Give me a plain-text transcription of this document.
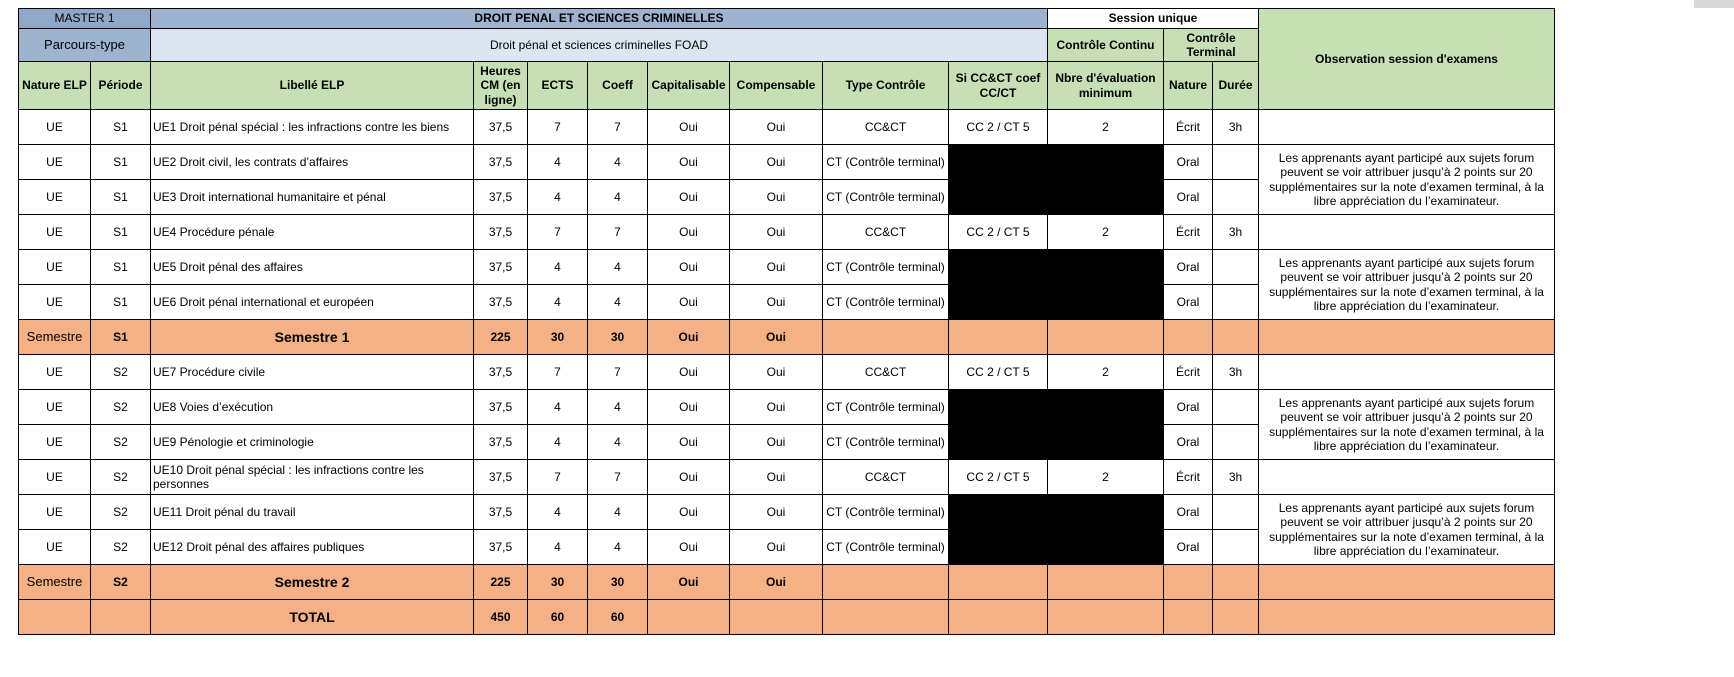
MASTER 1		DROIT PENAL ET SCIENCES CRIMINELLES								Session unique			Observation session d'examens
Parcours-type		Droit pénal et sciences criminelles FOAD								Contrôle Continu	Contrôle Terminal		
Nature ELP	Période	Libellé ELP	Heures CM (en ligne)	ECTS	Coeff	Capitalisable	Compensable	Type Contrôle	Si CC&CT coef CC/CT	Nbre d'évaluation minimum	Nature	Durée	
UE	S1	UE1 Droit pénal spécial : les infractions contre les biens	37,5	7	7	Oui	Oui	CC&CT	CC 2 / CT 5	2	Écrit	3h	
UE	S1	UE2 Droit civil, les contrats d’affaires	37,5	4	4	Oui	Oui	CT (Contrôle terminal)			Oral		Les apprenants ayant participé aux sujets forum peuvent se voir attribuer jusqu’à 2 points sur 20 supplémentaires sur la note d’examen terminal, à la libre appréciation du l’examinateur.
UE	S1	UE3 Droit international humanitaire et pénal	37,5	4	4	Oui	Oui	CT (Contrôle terminal)			Oral		
UE	S1	UE4 Procédure pénale	37,5	7	7	Oui	Oui	CC&CT	CC 2 / CT 5	2	Écrit	3h	
UE	S1	UE5 Droit pénal des affaires	37,5	4	4	Oui	Oui	CT (Contrôle terminal)			Oral		Les apprenants ayant participé aux sujets forum peuvent se voir attribuer jusqu’à 2 points sur 20 supplémentaires sur la note d’examen terminal, à la libre appréciation du l’examinateur.
UE	S1	UE6 Droit pénal international et européen	37,5	4	4	Oui	Oui	CT (Contrôle terminal)			Oral		
Semestre	S1	Semestre 1	225	30	30	Oui	Oui						
UE	S2	UE7 Procédure civile	37,5	7	7	Oui	Oui	CC&CT	CC 2 / CT 5	2	Écrit	3h	
UE	S2	UE8 Voies d’exécution	37,5	4	4	Oui	Oui	CT (Contrôle terminal)			Oral		Les apprenants ayant participé aux sujets forum peuvent se voir attribuer jusqu’à 2 points sur 20 supplémentaires sur la note d’examen terminal, à la libre appréciation du l’examinateur.
UE	S2	UE9 Pénologie et criminologie	37,5	4	4	Oui	Oui	CT (Contrôle terminal)			Oral		
UE	S2	UE10 Droit pénal spécial : les infractions contre les personnes	37,5	7	7	Oui	Oui	CC&CT	CC 2 / CT 5	2	Écrit	3h	
UE	S2	UE11 Droit pénal du travail	37,5	4	4	Oui	Oui	CT (Contrôle terminal)			Oral		Les apprenants ayant participé aux sujets forum peuvent se voir attribuer jusqu’à 2 points sur 20 supplémentaires sur la note d’examen terminal, à la libre appréciation du l’examinateur.
UE	S2	UE12 Droit pénal des affaires publiques	37,5	4	4	Oui	Oui	CT (Contrôle terminal)			Oral		
Semestre	S2	Semestre 2	225	30	30	Oui	Oui						
		TOTAL	450	60	60								
